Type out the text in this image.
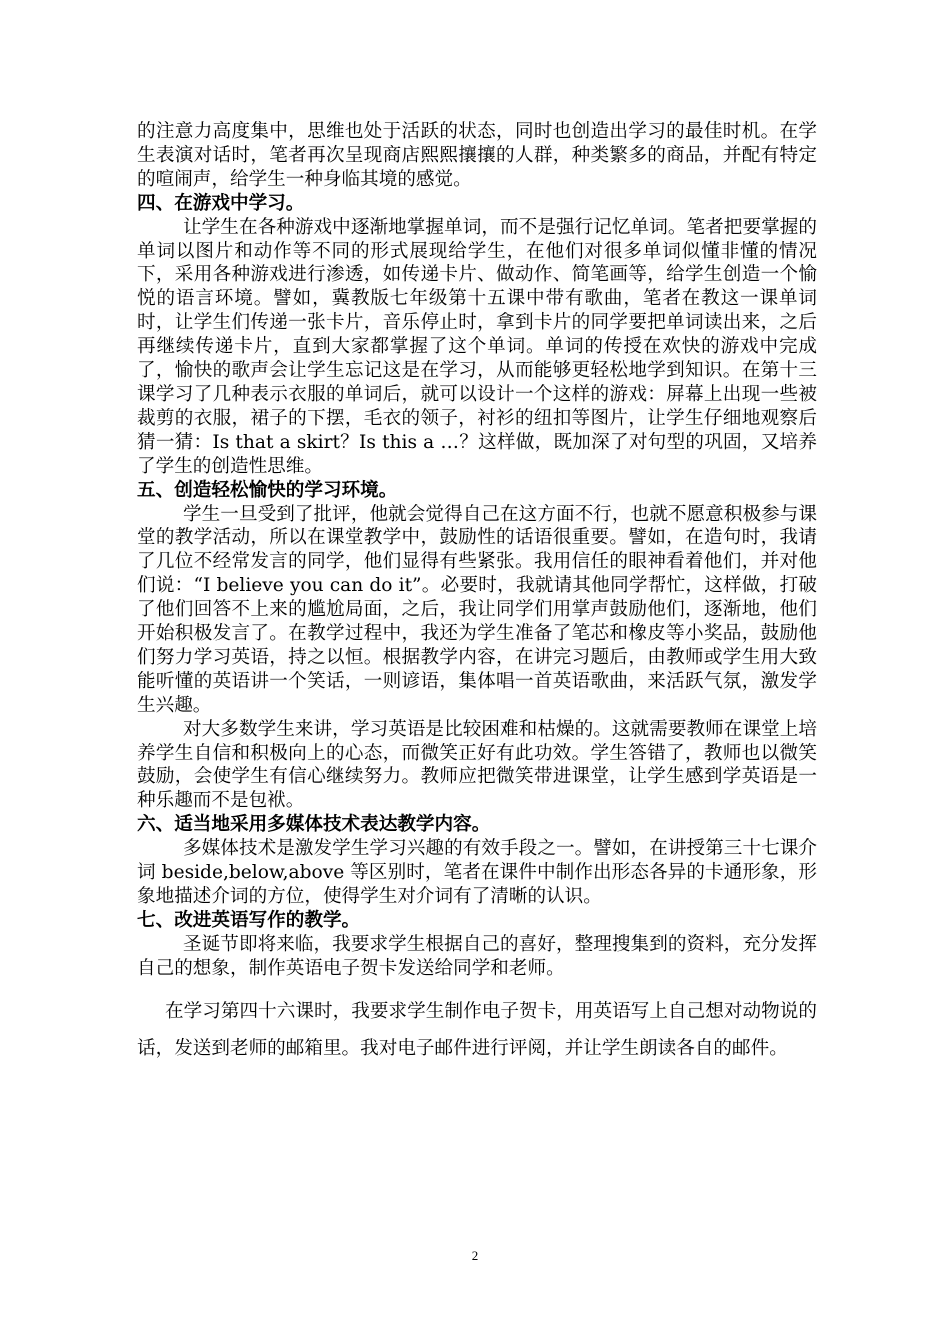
的注意力高度集中，思维也处于活跃的状态，同时也创造出学习的最佳时机。在学生表演对话时，笔者再次呈现商店熙熙攘攘的人群，种类繁多的商品，并配有特定的喧闹声，给学生一种身临其境的感觉。

四、在游戏中学习。

让学生在各种游戏中逐渐地掌握单词，而不是强行记忆单词。笔者把要掌握的单词以图片和动作等不同的形式展现给学生，在他们对很多单词似懂非懂的情况下，采用各种游戏进行渗透，如传递卡片、做动作、简笔画等，给学生创造一个愉悦的语言环境。譬如，冀教版七年级第十五课中带有歌曲，笔者在教这一课单词时，让学生们传递一张卡片，音乐停止时，拿到卡片的同学要把单词读出来，之后再继续传递卡片，直到大家都掌握了这个单词。单词的传授在欢快的游戏中完成了，愉快的歌声会让学生忘记这是在学习，从而能够更轻松地学到知识。在第十三课学习了几种表示衣服的单词后，就可以设计一个这样的游戏：屏幕上出现一些被裁剪的衣服，裙子的下摆，毛衣的领子，衬衫的纽扣等图片，让学生仔细地观察后猜一猜：Is that a skirt？Is this a …？这样做，既加深了对句型的巩固，又培养了学生的创造性思维。

五、创造轻松愉快的学习环境。

学生一旦受到了批评，他就会觉得自己在这方面不行，也就不愿意积极参与课堂的教学活动，所以在课堂教学中，鼓励性的话语很重要。譬如，在造句时，我请了几位不经常发言的同学，他们显得有些紧张。我用信任的眼神看着他们，并对他们说：“I believe you can do it”。必要时，我就请其他同学帮忙，这样做，打破了他们回答不上来的尴尬局面，之后，我让同学们用掌声鼓励他们，逐渐地，他们开始积极发言了。在教学过程中，我还为学生准备了笔芯和橡皮等小奖品，鼓励他们努力学习英语，持之以恒。根据教学内容，在讲完习题后，由教师或学生用大致能听懂的英语讲一个笑话，一则谚语，集体唱一首英语歌曲，来活跃气氛，激发学生兴趣。

对大多数学生来讲，学习英语是比较困难和枯燥的。这就需要教师在课堂上培养学生自信和积极向上的心态，而微笑正好有此功效。学生答错了，教师也以微笑鼓励，会使学生有信心继续努力。教师应把微笑带进课堂，让学生感到学英语是一种乐趣而不是包袱。

六、适当地采用多媒体技术表达教学内容。

多媒体技术是激发学生学习兴趣的有效手段之一。譬如，在讲授第三十七课介词 beside,below,above 等区别时，笔者在课件中制作出形态各异的卡通形象，形象地描述介词的方位，使得学生对介词有了清晰的认识。

七、改进英语写作的教学。

圣诞节即将来临，我要求学生根据自己的喜好，整理搜集到的资料，充分发挥自己的想象，制作英语电子贺卡发送给同学和老师。

在学习第四十六课时，我要求学生制作电子贺卡，用英语写上自己想对动物说的话，发送到老师的邮箱里。我对电子邮件进行评阅，并让学生朗读各自的邮件。

2
